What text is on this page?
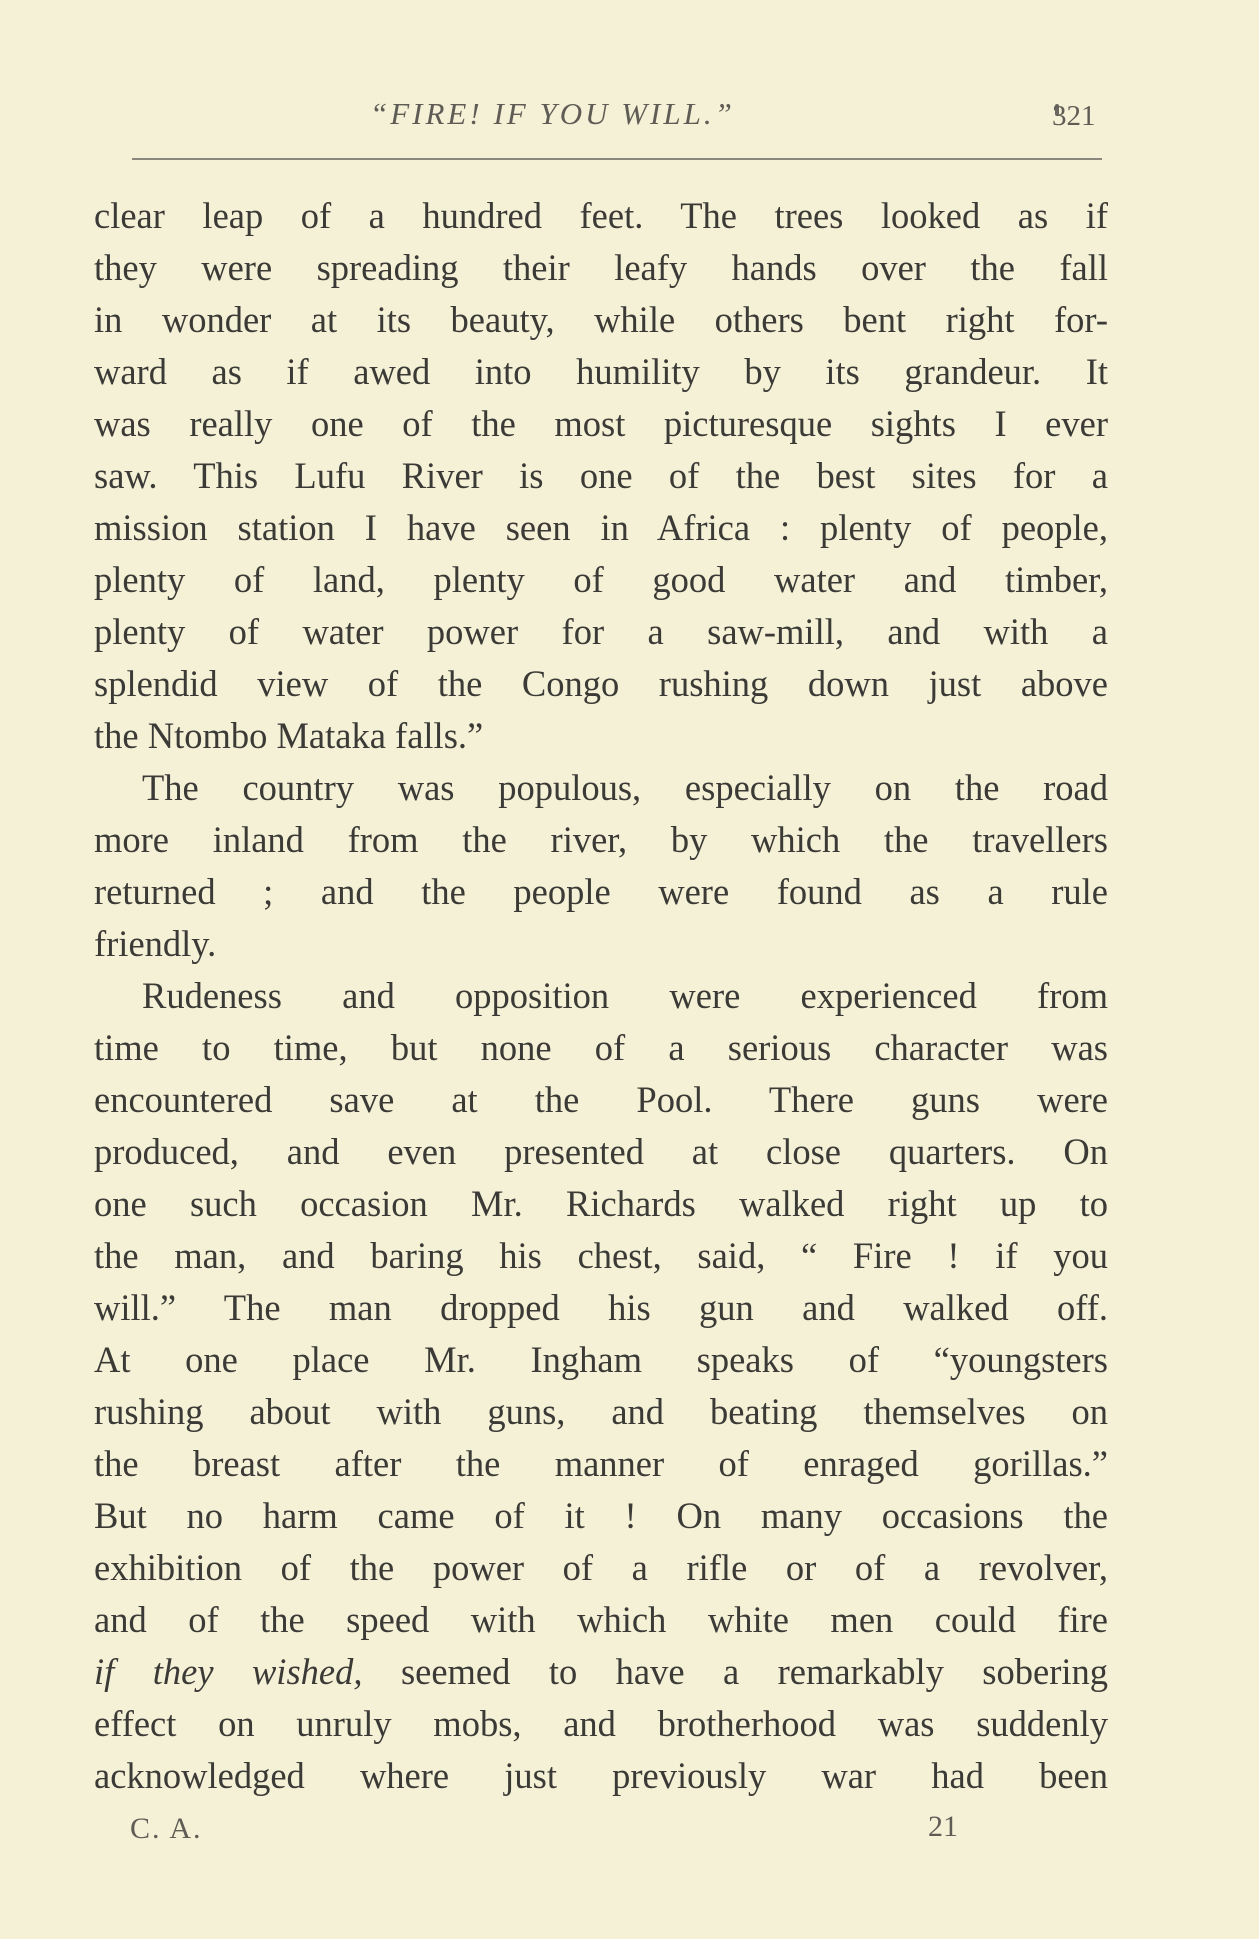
“FIRE! IF YOU WILL.”	321
clear leap of a hundred feet. The trees looked as if
they were spreading their leafy hands over the fall
in wonder at its beauty, while others bent right for-
ward as if awed into humility by its grandeur. It
was really one of the most picturesque sights I ever
saw. This Lufu River is one of the best sites for a
mission station I have seen in Africa : plenty of people,
plenty of land, plenty of good water and timber,
plenty of water power for a saw-mill, and with a
splendid view of the Congo rushing down just above
the Ntombo Mataka falls.”
The country was populous, especially on the road
more inland from the river, by which the travellers
returned ; and the people were found as a rule
friendly.
Rudeness and opposition were experienced from
time to time, but none of a serious character was
encountered save at the Pool. There guns were
produced, and even presented at close quarters. On
one such occasion Mr. Richards walked right up to
the man, and baring his chest, said, “ Fire ! if you
will.” The man dropped his gun and walked off.
At one place Mr. Ingham speaks of “youngsters
rushing about with guns, and beating themselves on
the breast after the manner of enraged gorillas.”
But no harm came of it ! On many occasions the
exhibition of the power of a rifle or of a revolver,
and of the speed with which white men could fire
if they wished, seemed to have a remarkably sobering
effect on unruly mobs, and brotherhood was suddenly
acknowledged where just previously war had been
C. A.	21
